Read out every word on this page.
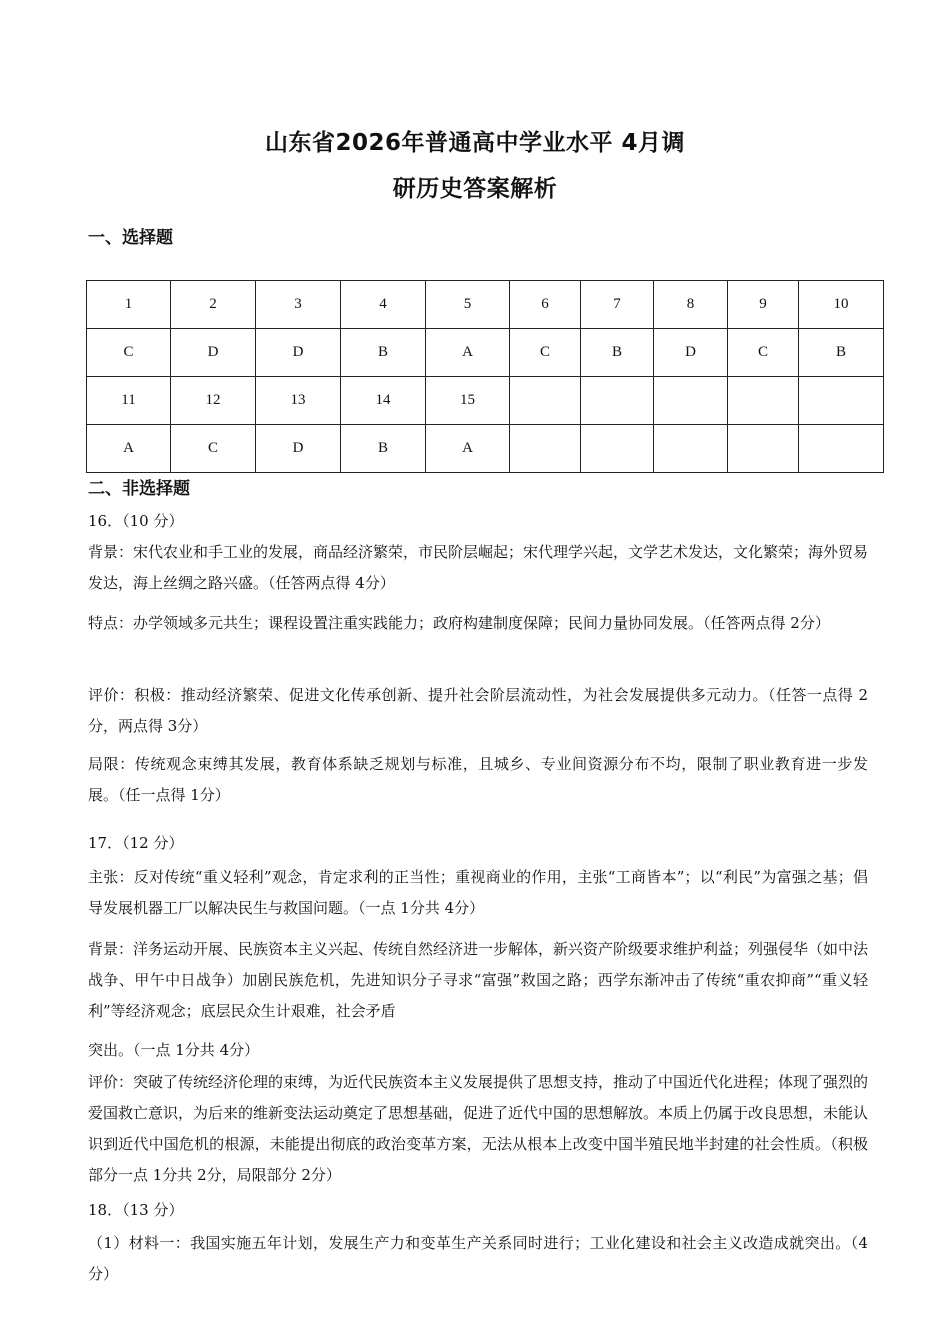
山东省2026年普通高中学业水平 4月调
研历史答案解析
一、选择题
1	2	3	4	5	6	7	8	9	10
C	D	D	B	A	C	B	D	C	B
11	12	13	14	15					
A	C	D	B	A					
二、非选择题
16．（10 分）

背景：宋代农业和手工业的发展，商品经济繁荣，市民阶层崛起；宋代理学兴起，文学艺术发达，文化繁荣；海外贸易发达，海上丝绸之路兴盛。（任答两点得 4分）

特点：办学领域多元共生；课程设置注重实践能力；政府构建制度保障；民间力量协同发展。（任答两点得 2分）

评价：积极：推动经济繁荣、促进文化传承创新、提升社会阶层流动性，为社会发展提供多元动力。（任答一点得 2分，两点得 3分）

局限：传统观念束缚其发展，教育体系缺乏规划与标准，且城乡、专业间资源分布不均，限制了职业教育进一步发展。（任一点得 1分）

17．（12 分）

主张：反对传统“重义轻利”观念，肯定求利的正当性；重视商业的作用，主张“工商皆本”；以“利民”为富强之基；倡导发展机器工厂以解决民生与救国问题。（一点 1分共 4分）

背景：洋务运动开展、民族资本主义兴起、传统自然经济进一步解体，新兴资产阶级要求维护利益；列强侵华（如中法战争、甲午中日战争）加剧民族危机，先进知识分子寻求“富强”救国之路；西学东渐冲击了传统“重农抑商”“重义轻利”等经济观念；底层民众生计艰难，社会矛盾

突出。（一点 1分共 4分）

评价：突破了传统经济伦理的束缚，为近代民族资本主义发展提供了思想支持，推动了中国近代化进程；体现了强烈的爱国救亡意识，为后来的维新变法运动奠定了思想基础，促进了近代中国的思想解放。本质上仍属于改良思想，未能认识到近代中国危机的根源，未能提出彻底的政治变革方案，无法从根本上改变中国半殖民地半封建的社会性质。（积极部分一点 1分共 2分，局限部分 2分）

18．（13 分）

（1）材料一：我国实施五年计划，发展生产力和变革生产关系同时进行；工业化建设和社会主义改造成就突出。（4分）
